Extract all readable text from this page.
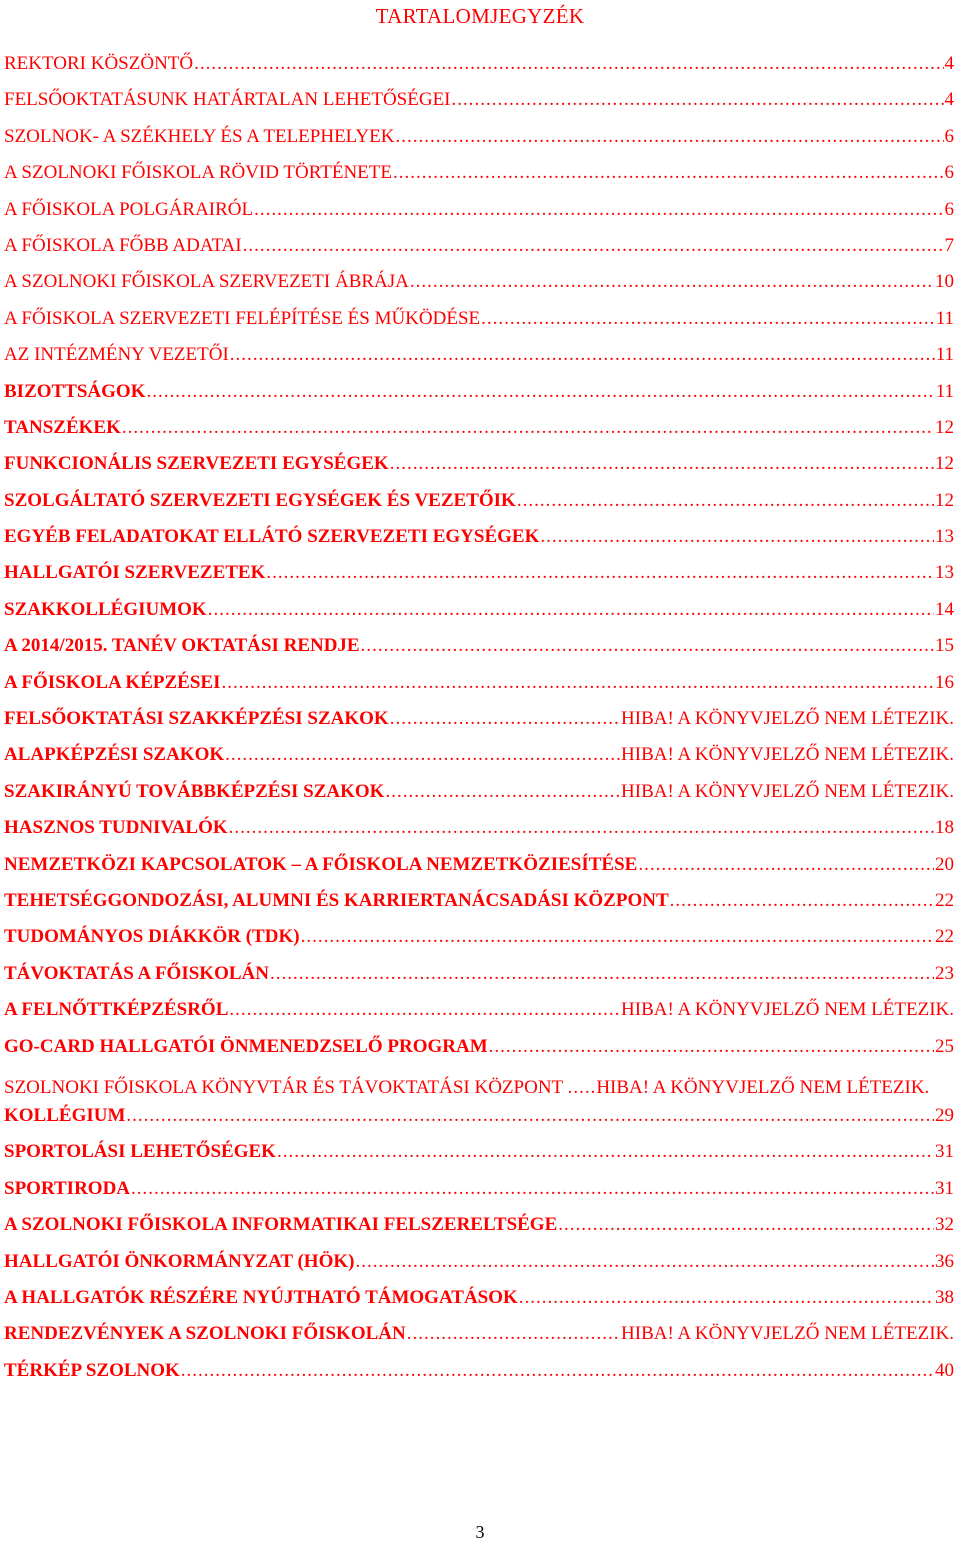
TARTALOMJEGYZÉK
REKTORI KÖSZÖNTŐ .....	4
FELSŐOKTATÁSUNK HATÁRTALAN LEHETŐSÉGEI .....	4
SZOLNOK- A SZÉKHELY ÉS A TELEPHELYEK .....	6
A SZOLNOKI FŐISKOLA RÖVID TÖRTÉNETE .....	6
A FŐISKOLA POLGÁRAIRÓL .....	6
A FŐISKOLA FŐBB ADATAI .....	7
A SZOLNOKI FŐISKOLA SZERVEZETI ÁBRÁJA .....	10
A FŐISKOLA SZERVEZETI FELÉPÍTÉSE ÉS MŰKÖDÉSE .....	11
AZ INTÉZMÉNY VEZETŐI .....	11
BIZOTTSÁGOK .....	11
TANSZÉKEK .....	12
FUNKCIONÁLIS SZERVEZETI EGYSÉGEK .....	12
SZOLGÁLTATÓ SZERVEZETI EGYSÉGEK ÉS VEZETŐIK .....	12
EGYÉB FELADATOKAT ELLÁTÓ SZERVEZETI EGYSÉGEK .....	13
HALLGATÓI SZERVEZETEK .....	13
SZAKKOLLÉGIUMOK .....	14
A 2014/2015. TANÉV OKTATÁSI RENDJE .....	15
A FŐISKOLA KÉPZÉSEI .....	16
FELSŐOKTATÁSI SZAKKÉPZÉSI SZAKOK .....	HIBA! A KÖNYVJELZŐ NEM LÉTEZIK.
ALAPKÉPZÉSI SZAKOK .....	HIBA! A KÖNYVJELZŐ NEM LÉTEZIK.
SZAKIRÁNYÚ TOVÁBBKÉPZÉSI SZAKOK .....	HIBA! A KÖNYVJELZŐ NEM LÉTEZIK.
HASZNOS TUDNIVALÓK .....	18
NEMZETKÖZI KAPCSOLATOK – A FŐISKOLA NEMZETKÖZIESÍTÉSE .....	20
TEHETSÉGGONDOZÁSI, ALUMNI ÉS KARRIERTANÁCSADÁSI KÖZPONT .....	22
TUDOMÁNYOS DIÁKKÖR (TDK) .....	22
TÁVOKTATÁS A FŐISKOLÁN .....	23
A FELNŐTTKÉPZÉSRŐL .....	HIBA! A KÖNYVJELZŐ NEM LÉTEZIK.
GO-CARD HALLGATÓI ÖNMENEDZSELŐ PROGRAM .....	25
SZOLNOKI FŐISKOLA KÖNYVTÁR ÉS TÁVOKTATÁSI KÖZPONT .....HIBA! A KÖNYVJELZŐ NEM LÉTEZIK.
KOLLÉGIUM .....	29
SPORTOLÁSI LEHETŐSÉGEK .....	31
SPORTIRODA .....	31
A SZOLNOKI FŐISKOLA INFORMATIKAI FELSZERELTSÉGE .....	32
HALLGATÓI ÖNKORMÁNYZAT (HÖK) .....	36
A HALLGATÓK RÉSZÉRE NYÚJTHATÓ TÁMOGATÁSOK .....	38
RENDEZVÉNYEK A SZOLNOKI FŐISKOLÁN .....	HIBA! A KÖNYVJELZŐ NEM LÉTEZIK.
TÉRKÉP SZOLNOK .....	40
3
